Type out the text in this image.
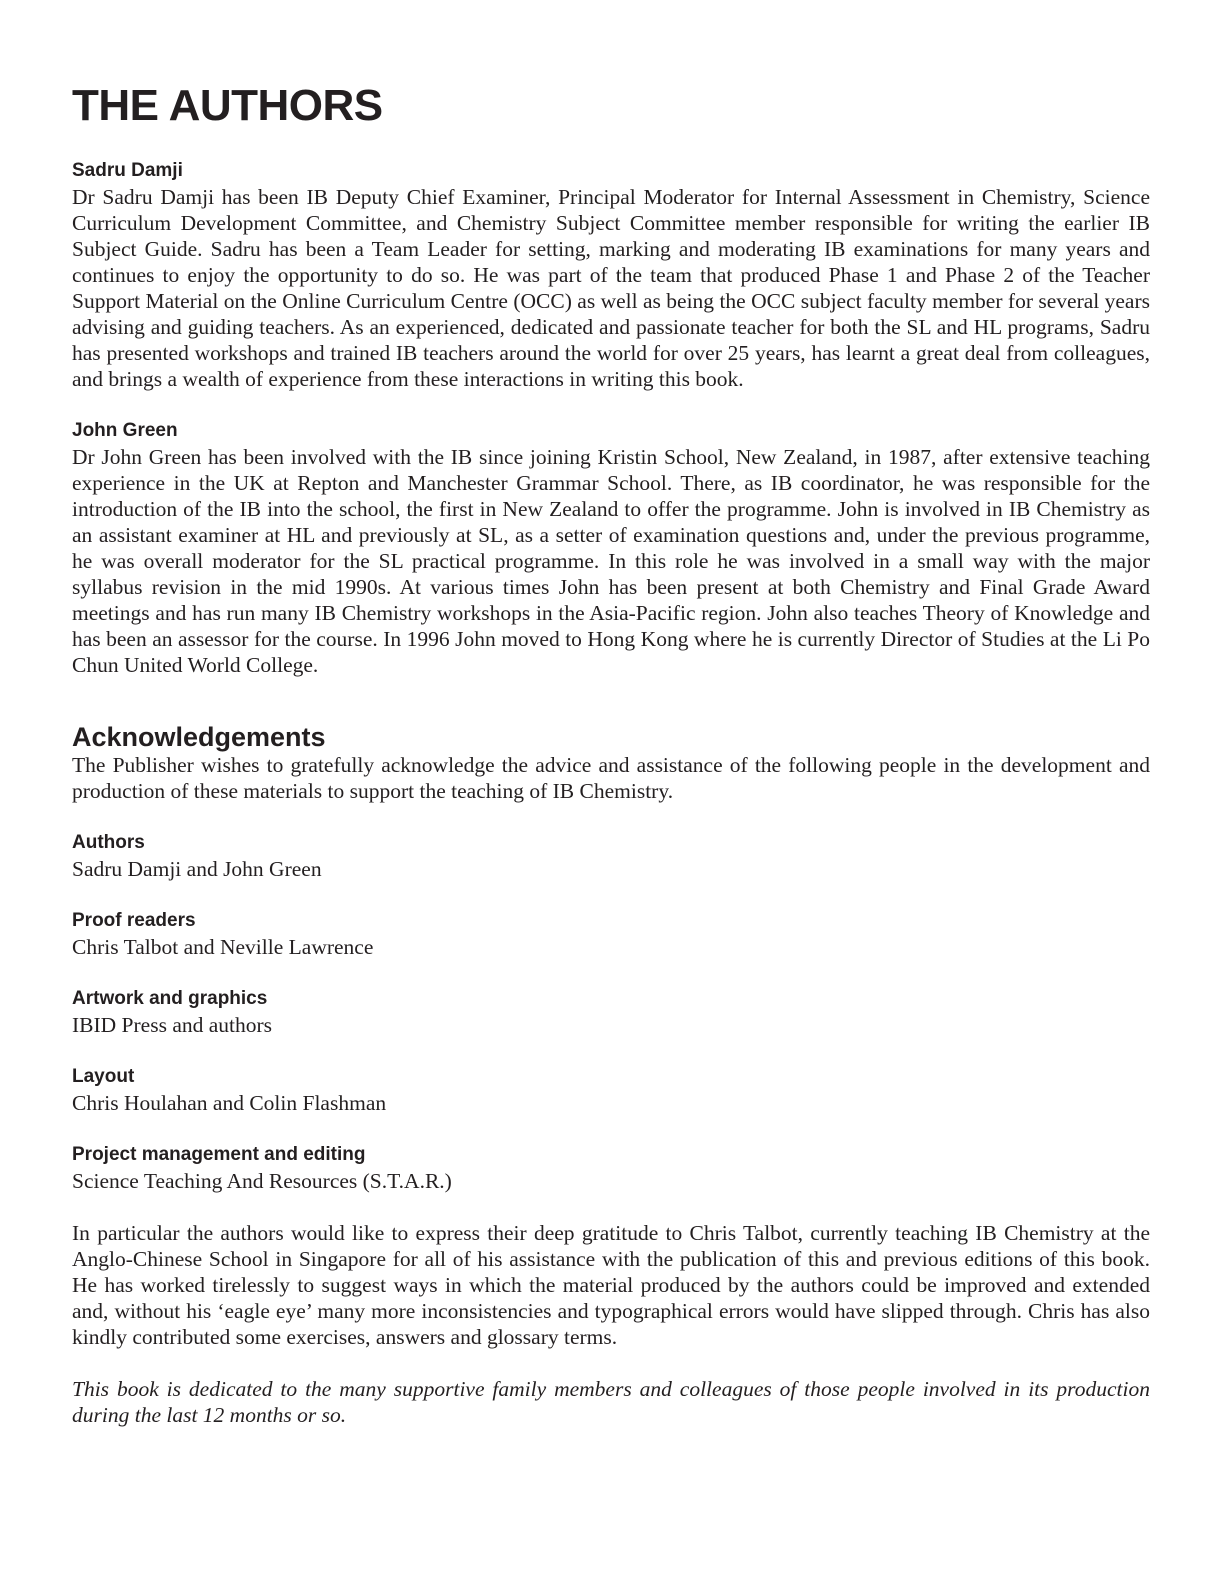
THE AUTHORS

Sadru Damji

Dr Sadru Damji has been IB Deputy Chief Examiner, Principal Moderator for Internal Assessment in Chemistry, Science Curriculum Development Committee, and Chemistry Subject Committee member responsible for writing the earlier IB Subject Guide. Sadru has been a Team Leader for setting, marking and moderating IB examinations for many years and continues to enjoy the opportunity to do so. He was part of the team that produced Phase 1 and Phase 2 of the Teacher Support Material on the Online Curriculum Centre (OCC) as well as being the OCC subject faculty member for several years advising and guiding teachers. As an experienced, dedicated and passionate teacher for both the SL and HL programs, Sadru has presented workshops and trained IB teachers around the world for over 25 years, has learnt a great deal from colleagues, and brings a wealth of experience from these interactions in writing this book.

John Green

Dr John Green has been involved with the IB since joining Kristin School, New Zealand, in 1987, after extensive teaching experience in the UK at Repton and Manchester Grammar School. There, as IB coordinator, he was responsible for the introduction of the IB into the school, the first in New Zealand to offer the programme. John is involved in IB Chemistry as an assistant examiner at HL and previously at SL, as a setter of examination questions and, under the previous programme, he was overall moderator for the SL practical programme. In this role he was involved in a small way with the major syllabus revision in the mid 1990s. At various times John has been present at both Chemistry and Final Grade Award meetings and has run many IB Chemistry workshops in the Asia-Pacific region. John also teaches Theory of Knowledge and has been an assessor for the course. In 1996 John moved to Hong Kong where he is currently Director of Studies at the Li Po Chun United World College.

Acknowledgements

The Publisher wishes to gratefully acknowledge the advice and assistance of the following people in the development and production of these materials to support the teaching of IB Chemistry.

Authors

Sadru Damji and John Green

Proof readers

Chris Talbot and Neville Lawrence

Artwork and graphics

IBID Press and authors

Layout

Chris Houlahan and Colin Flashman

Project management and editing

Science Teaching And Resources (S.T.A.R.)

In particular the authors would like to express their deep gratitude to Chris Talbot, currently teaching IB Chemistry at the Anglo-Chinese School in Singapore for all of his assistance with the publication of this and previous editions of this book. He has worked tirelessly to suggest ways in which the material produced by the authors could be improved and extended and, without his ‘eagle eye’ many more inconsistencies and typographical errors would have slipped through. Chris has also kindly contributed some exercises, answers and glossary terms.

This book is dedicated to the many supportive family members and colleagues of those people involved in its production during the last 12 months or so.
